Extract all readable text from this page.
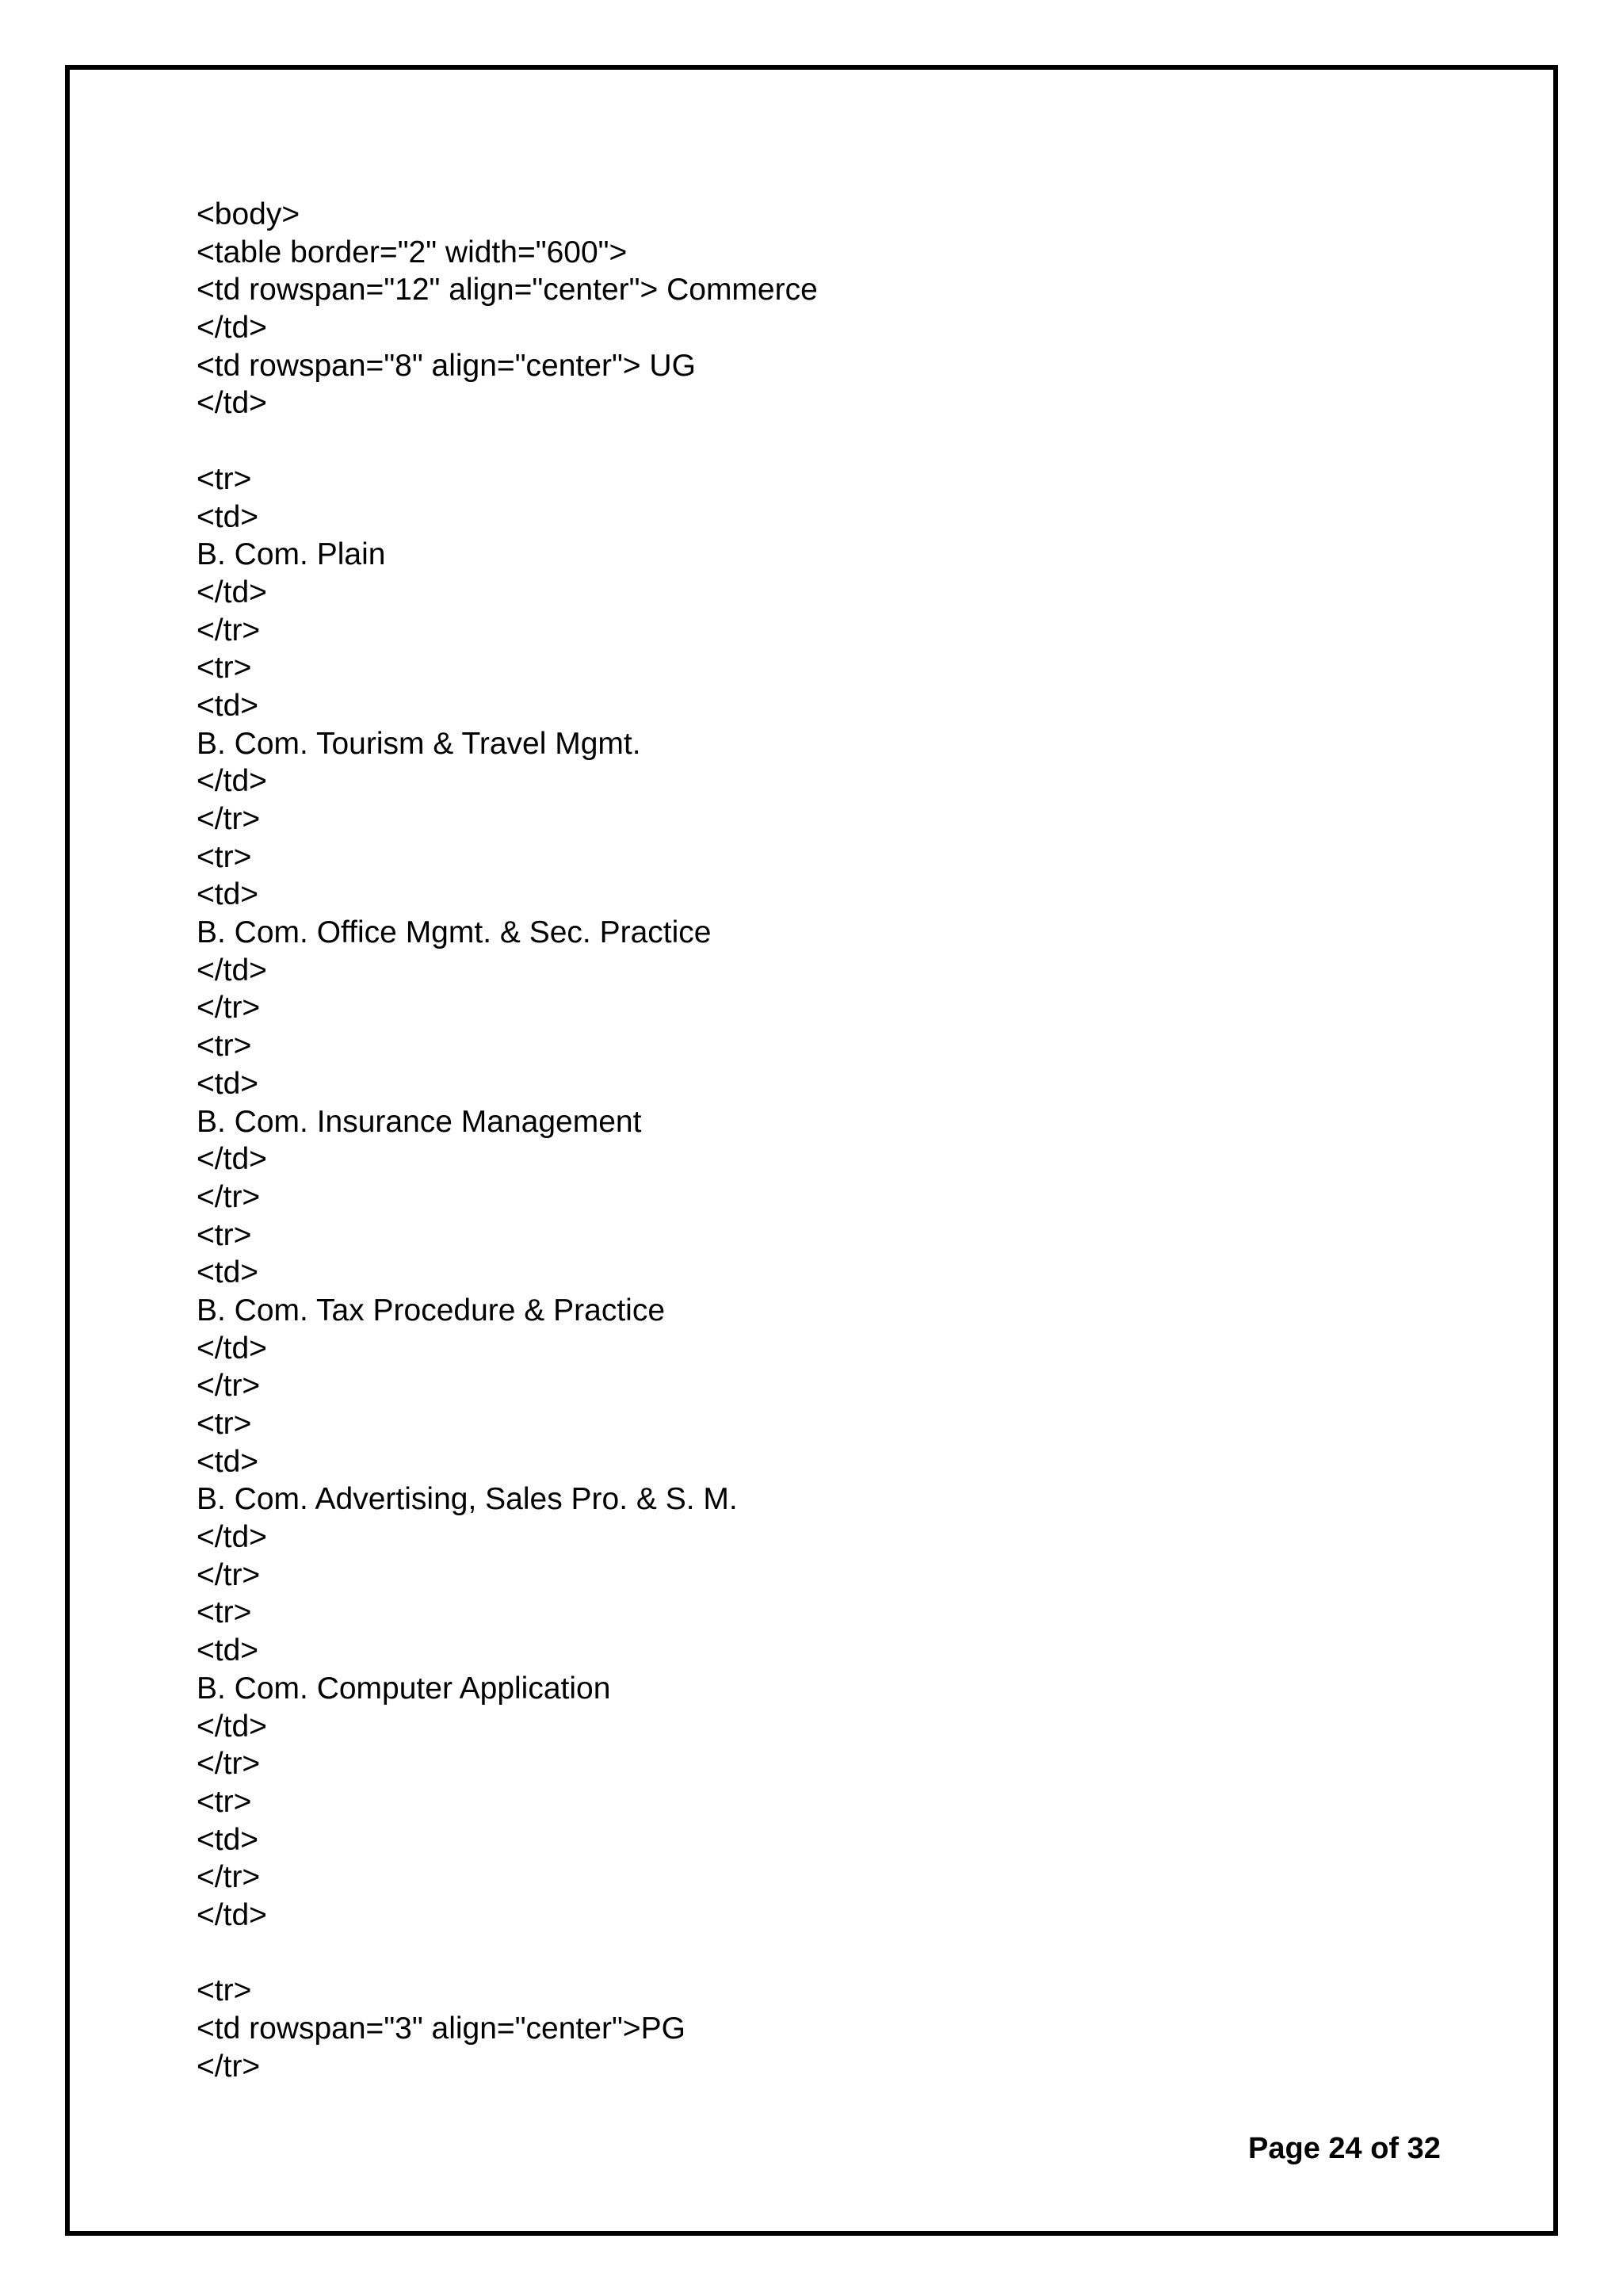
<body>
<table border="2" width="600">
<td rowspan="12" align="center"> Commerce
</td>
<td rowspan="8" align="center"> UG
</td>
<tr>
<td>
B. Com. Plain
</td>
</tr>
<tr>
<td>
B. Com. Tourism & Travel Mgmt.
</td>
</tr>
<tr>
<td>
B. Com. Office Mgmt. & Sec. Practice
</td>
</tr>
<tr>
<td>
B. Com. Insurance Management
</td>
</tr>
<tr>
<td>
B. Com. Tax Procedure & Practice
</td>
</tr>
<tr>
<td>
B. Com. Advertising, Sales Pro. & S. M.
</td>
</tr>
<tr>
<td>
B. Com. Computer Application
</td>
</tr>
<tr>
<td>
</tr>
</td>
<tr>
<td rowspan="3" align="center">PG
</tr>
Page 24 of 32
